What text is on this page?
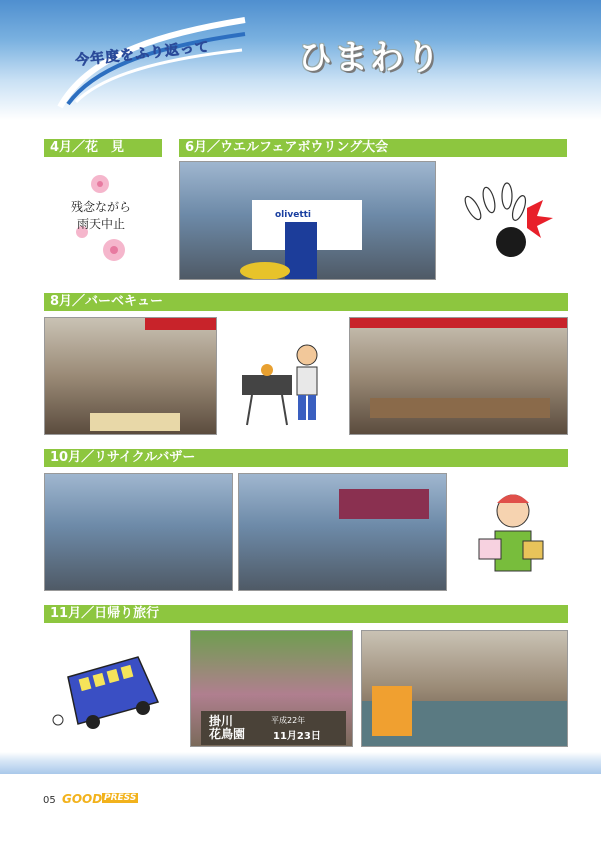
今年度をふり返って	ひまわり
4月／花　見
残念ながら
雨天中止
6月／ウエルフェアボウリング大会
olivetti
8月／バーベキュー
10月／リサイクルバザー
11月／日帰り旅行
掛川
花鳥園
平成22年
11月23日
05 GOOD PRESS
